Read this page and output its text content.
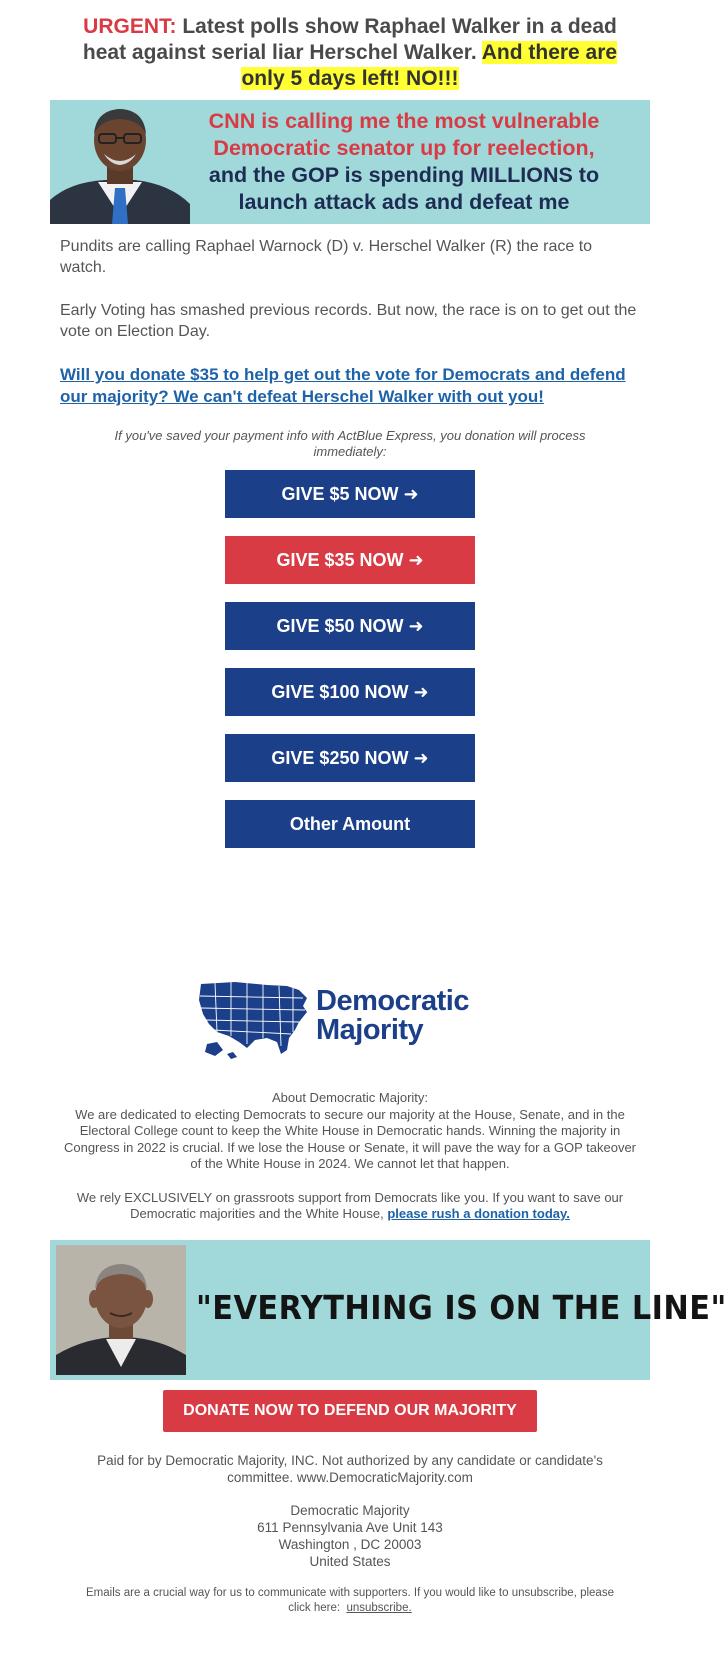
URGENT: Latest polls show Raphael Walker in a dead heat against serial liar Herschel Walker. And there are only 5 days left! NO!!!
CNN is calling me the most vulnerable
Democratic senator up for reelection,
and the GOP is spending MILLIONS to
launch attack ads and defeat me

Pundits are calling Raphael Warnock (D) v. Herschel Walker (R) the race to watch.

Early Voting has smashed previous records. But now, the race is on to get out the vote on Election Day.

Will you donate $35 to help get out the vote for Democrats and defend our majority? We can't defeat Herschel Walker with out you!
If you've saved your payment info with ActBlue Express, you donation will process immediately:
GIVE $5 NOW ➜
GIVE $35 NOW ➜
GIVE $50 NOW ➜
GIVE $100 NOW ➜
GIVE $250 NOW ➜
Other Amount
Democratic
Majority

About Democratic Majority:
We are dedicated to electing Democrats to secure our majority at the House, Senate, and in the Electoral College count to keep the White House in Democratic hands. Winning the majority in Congress in 2022 is crucial. If we lose the House or Senate, it will pave the way for a GOP takeover of the White House in 2024. We cannot let that happen.

We rely EXCLUSIVELY on grassroots support from Democrats like you. If you want to save our Democratic majorities and the White House, please rush a donation today.

"EVERYTHING IS ON THE LINE"
DONATE NOW TO DEFEND OUR MAJORITY

Paid for by Democratic Majority, INC. Not authorized by any candidate or candidate's committee. www.DemocraticMajority.com

Democratic Majority
611 Pennsylvania Ave Unit 143
Washington , DC 20003
United States

Emails are a crucial way for us to communicate with supporters. If you would like to unsubscribe, please click here: unsubscribe.
